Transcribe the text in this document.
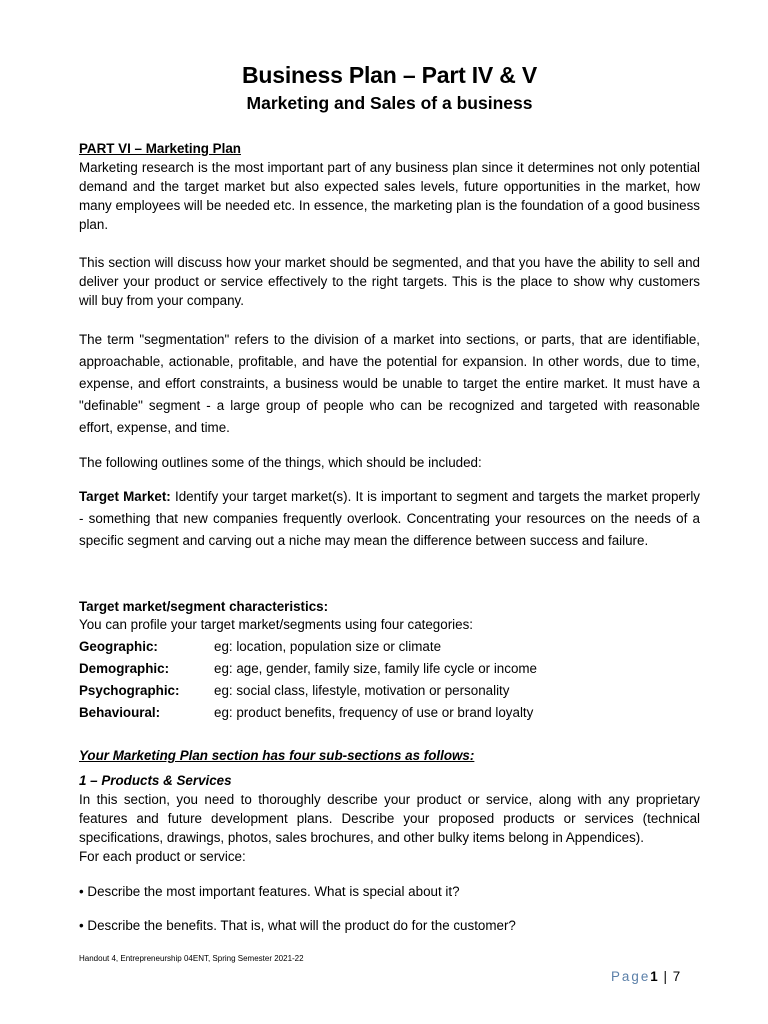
Business Plan – Part IV & V
Marketing and Sales of a business

PART VI – Marketing Plan

Marketing research is the most important part of any business plan since it determines not only potential demand and the target market but also expected sales levels, future opportunities in the market, how many employees will be needed etc. In essence, the marketing plan is the foundation of a good business plan.

This section will discuss how your market should be segmented, and that you have the ability to sell and deliver your product or service effectively to the right targets. This is the place to show why customers will buy from your company.

The term "segmentation" refers to the division of a market into sections, or parts, that are identifiable, approachable, actionable, profitable, and have the potential for expansion. In other words, due to time, expense, and effort constraints, a business would be unable to target the entire market. It must have a "definable" segment - a large group of people who can be recognized and targeted with reasonable effort, expense, and time.

The following outlines some of the things, which should be included:

Target Market: Identify your target market(s). It is important to segment and targets the market properly - something that new companies frequently overlook. Concentrating your resources on the needs of a specific segment and carving out a niche may mean the difference between success and failure.

Target market/segment characteristics:

You can profile your target market/segments using four categories:

Geographic:	eg: location, population size or climate
Demographic:	eg: age, gender, family size, family life cycle or income
Psychographic:	eg: social class, lifestyle, motivation or personality
Behavioural:	eg: product benefits, frequency of use or brand loyalty

Your Marketing Plan section has four sub-sections as follows:

1 – Products & Services

In this section, you need to thoroughly describe your product or service, along with any proprietary features and future development plans. Describe your proposed products or services (technical specifications, drawings, photos, sales brochures, and other bulky items belong in Appendices).

For each product or service:

• Describe the most important features. What is special about it?

• Describe the benefits. That is, what will the product do for the customer?

Handout 4, Entrepreneurship 04ENT, Spring Semester 2021-22
Page1 | 7
